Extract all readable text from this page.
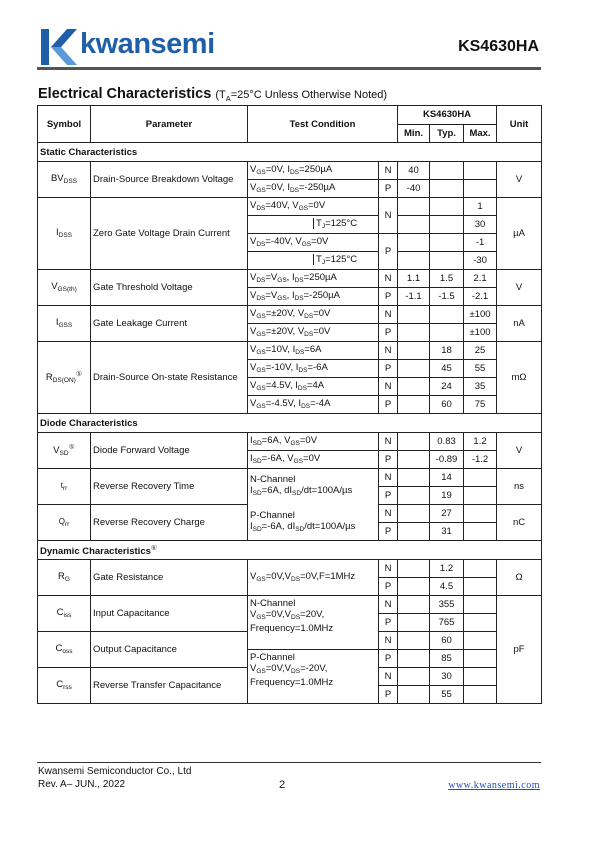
kwansemi	KS4630HA
Electrical Characteristics ($T_A=25^\circ C$ Unless Otherwise Noted)
Symbol	Parameter	Test Condition		KS4630HA			Unit
				Min.	Typ.	Max.	
Static Characteristics							
$BV_{DSS}$	Drain-Source Breakdown Voltage	$V_{GS}=0V$, $I_{DS}=250\mu A$	N	40			V
		$V_{GS}=0V$, $I_{DS}=-250\mu A$	P	-40			
$I_{DSS}$	Zero Gate Voltage Drain Current	$V_{DS}=40V$, $V_{GS}=0V$	N			1	µA
		$T_J=125^\circ C$				30	
		$V_{DS}=-40V$, $V_{GS}=0V$	P			-1	
		$T_J=125^\circ C$				-30	
$V_{GS(th)}$	Gate Threshold Voltage	$V_{DS}=V_{GS}$, $I_{DS}=250\mu A$	N	1.1	1.5	2.1	V
		$V_{DS}=V_{GS}$, $I_{DS}=-250\mu A$	P	-1.1	-1.5	-2.1	
$I_{GSS}$	Gate Leakage Current	$V_{GS}=\pm 20V$, $V_{DS}=0V$	N			±100	nA
		$V_{GS}=\pm 20V$, $V_{DS}=0V$	P			±100	
$R_{DS(ON)}^⑤$	Drain-Source On-state Resistance	$V_{GS}=10V$, $I_{DS}=6A$	N		18	25	mΩ
		$V_{GS}=-10V$, $I_{DS}=-6A$	P		45	55	
		$V_{GS}=4.5V$, $I_{DS}=4A$	N		24	35	
		$V_{GS}=-4.5V$, $I_{DS}=-4A$	P		60	75	
Diode Characteristics							
$V_{SD}^⑤$	Diode Forward Voltage	$I_{SD}=6A$, $V_{GS}=0V$	N		0.83	1.2	V
		$I_{SD}=-6A$, $V_{GS}=0V$	P		-0.89	-1.2	
$t_{rr}$	Reverse Recovery Time	N-Channel
$I_{SD}=6A$, $dI_{SD}/dt=100A/\mu s$	N		14		ns
			P		19		
$Q_{rr}$	Reverse Recovery Charge	P-Channel
$I_{SD}=-6A$, $dI_{SD}/dt=100A/\mu s$	N		27		nC
			P		31		
Dynamic Characteristics⑥
$R_G$	Gate Resistance	$V_{GS}=0V,V_{DS}=0V,F=1MHz$	N		1.2		Ω
			P		4.5		
$C_{iss}$	Input Capacitance	N-Channel
$V_{GS}=0V,V_{DS}=20V$,
Frequency=1.0MHz	N		355		pF
			P		765		
$C_{oss}$	Output Capacitance		N		60		
		P-Channel
$V_{GS}=0V,V_{DS}=-20V$,
Frequency=1.0MHz	P		85		
$C_{rss}$	Reverse Transfer Capacitance		N		30		
			P		55		
Kwansemi Semiconductor Co., Ltd
Rev. A– JUN., 2022	2	www.kwansemi.com
